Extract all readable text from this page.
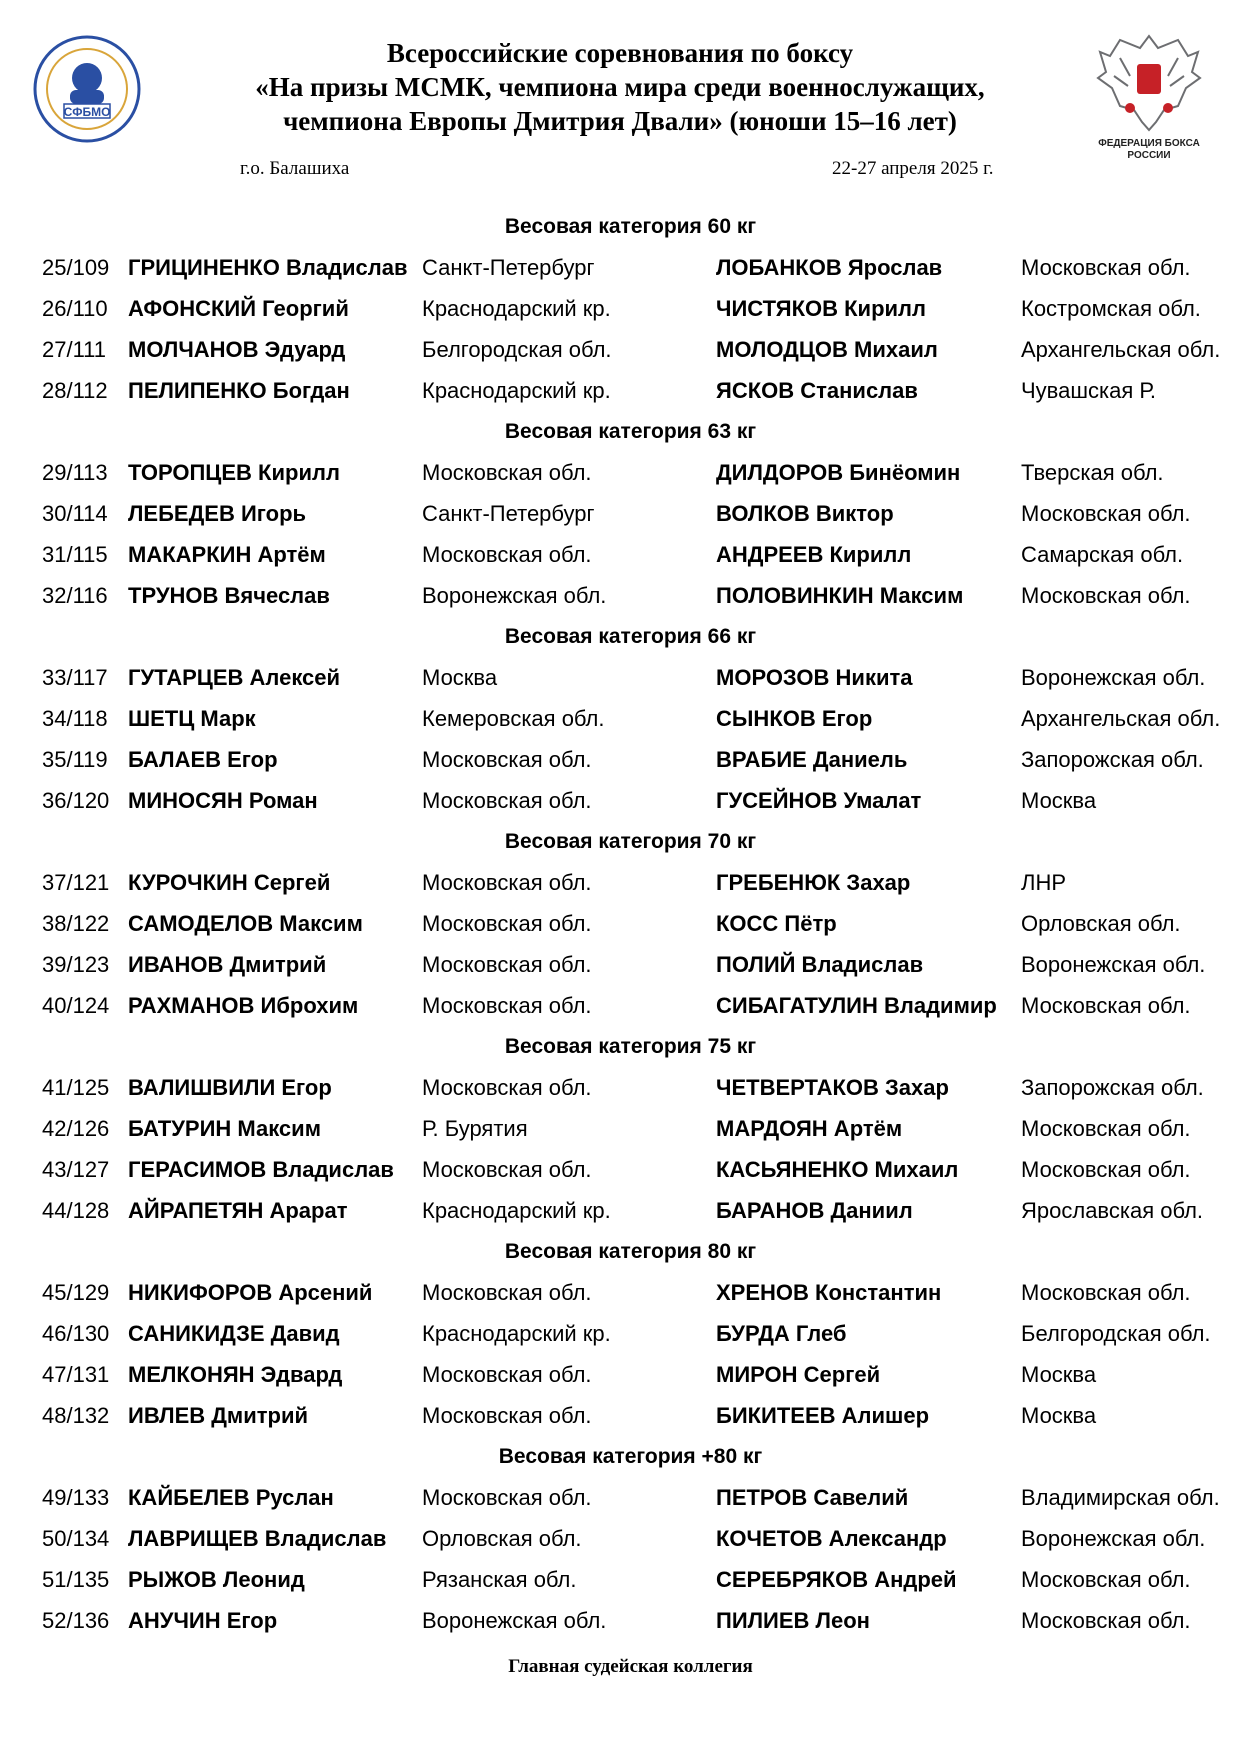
СФБМО
Всероссийские соревнования по боксу
«На призы МСМК, чемпиона мира среди военнослужащих,
чемпиона Европы Дмитрия Двали» (юноши 15–16 лет)
ФЕДЕРАЦИЯ БОКСА РОССИИ
г.о. Балашиха	22-27 апреля 2025 г.
Весовая категория 60 кг
25/109 ГРИЦИНЕНКО Владислав Санкт-Петербург	ЛОБАНКОВ Ярослав	Московская обл.
26/110 АФОНСКИЙ Георгий	Краснодарский кр.	ЧИСТЯКОВ Кирилл	Костромская обл.
27/111 МОЛЧАНОВ Эдуард	Белгородская обл.	МОЛОДЦОВ Михаил	Архангельская обл.
28/112 ПЕЛИПЕНКО Богдан	Краснодарский кр.	ЯСКОВ Станислав	Чувашская Р.
Весовая категория 63 кг
29/113 ТОРОПЦЕВ Кирилл	Московская обл.	ДИЛДОРОВ Бинёомин	Тверская обл.
30/114 ЛЕБЕДЕВ Игорь	Санкт-Петербург	ВОЛКОВ Виктор	Московская обл.
31/115 МАКАРКИН Артём	Московская обл.	АНДРЕЕВ Кирилл	Самарская обл.
32/116 ТРУНОВ Вячеслав	Воронежская обл.	ПОЛОВИНКИН Максим	Московская обл.
Весовая категория 66 кг
33/117 ГУТАРЦЕВ Алексей	Москва	МОРОЗОВ Никита	Воронежская обл.
34/118 ШЕТЦ Марк	Кемеровская обл.	СЫНКОВ Егор	Архангельская обл.
35/119 БАЛАЕВ Егор	Московская обл.	ВРАБИЕ Даниель	Запорожская обл.
36/120 МИНОСЯН Роман	Московская обл.	ГУСЕЙНОВ Умалат	Москва
Весовая категория 70 кг
37/121 КУРОЧКИН Сергей	Московская обл.	ГРЕБЕНЮК Захар	ЛНР
38/122 САМОДЕЛОВ Максим	Московская обл.	КОСС Пётр	Орловская обл.
39/123 ИВАНОВ Дмитрий	Московская обл.	ПОЛИЙ Владислав	Воронежская обл.
40/124 РАХМАНОВ Иброхим	Московская обл.	СИБАГАТУЛИН Владимир Московская обл.
Весовая категория 75 кг
41/125 ВАЛИШВИЛИ Егор	Московская обл.	ЧЕТВЕРТАКОВ Захар	Запорожская обл.
42/126 БАТУРИН Максим	Р. Бурятия	МАРДОЯН Артём	Московская обл.
43/127 ГЕРАСИМОВ Владислав Московская обл.	КАСЬЯНЕНКО Михаил	Московская обл.
44/128 АЙРАПЕТЯН Арарат	Краснодарский кр.	БАРАНОВ Даниил	Ярославская обл.
Весовая категория 80 кг
45/129 НИКИФОРОВ Арсений Московская обл.	ХРЕНОВ Константин	Московская обл.
46/130 САНИКИДЗЕ Давид	Краснодарский кр.	БУРДА Глеб	Белгородская обл.
47/131 МЕЛКОНЯН Эдвард	Московская обл.	МИРОН Сергей	Москва
48/132 ИВЛЕВ Дмитрий	Московская обл.	БИКИТЕЕВ Алишер	Москва
Весовая категория +80 кг
49/133 КАЙБЕЛЕВ Руслан	Московская обл.	ПЕТРОВ Савелий	Владимирская обл.
50/134 ЛАВРИЩЕВ Владислав Орловская обл.	КОЧЕТОВ Александр	Воронежская обл.
51/135 РЫЖОВ Леонид	Рязанская обл.	СЕРЕБРЯКОВ Андрей	Московская обл.
52/136 АНУЧИН Егор	Воронежская обл.	ПИЛИЕВ Леон	Московская обл.
Главная судейская коллегия
